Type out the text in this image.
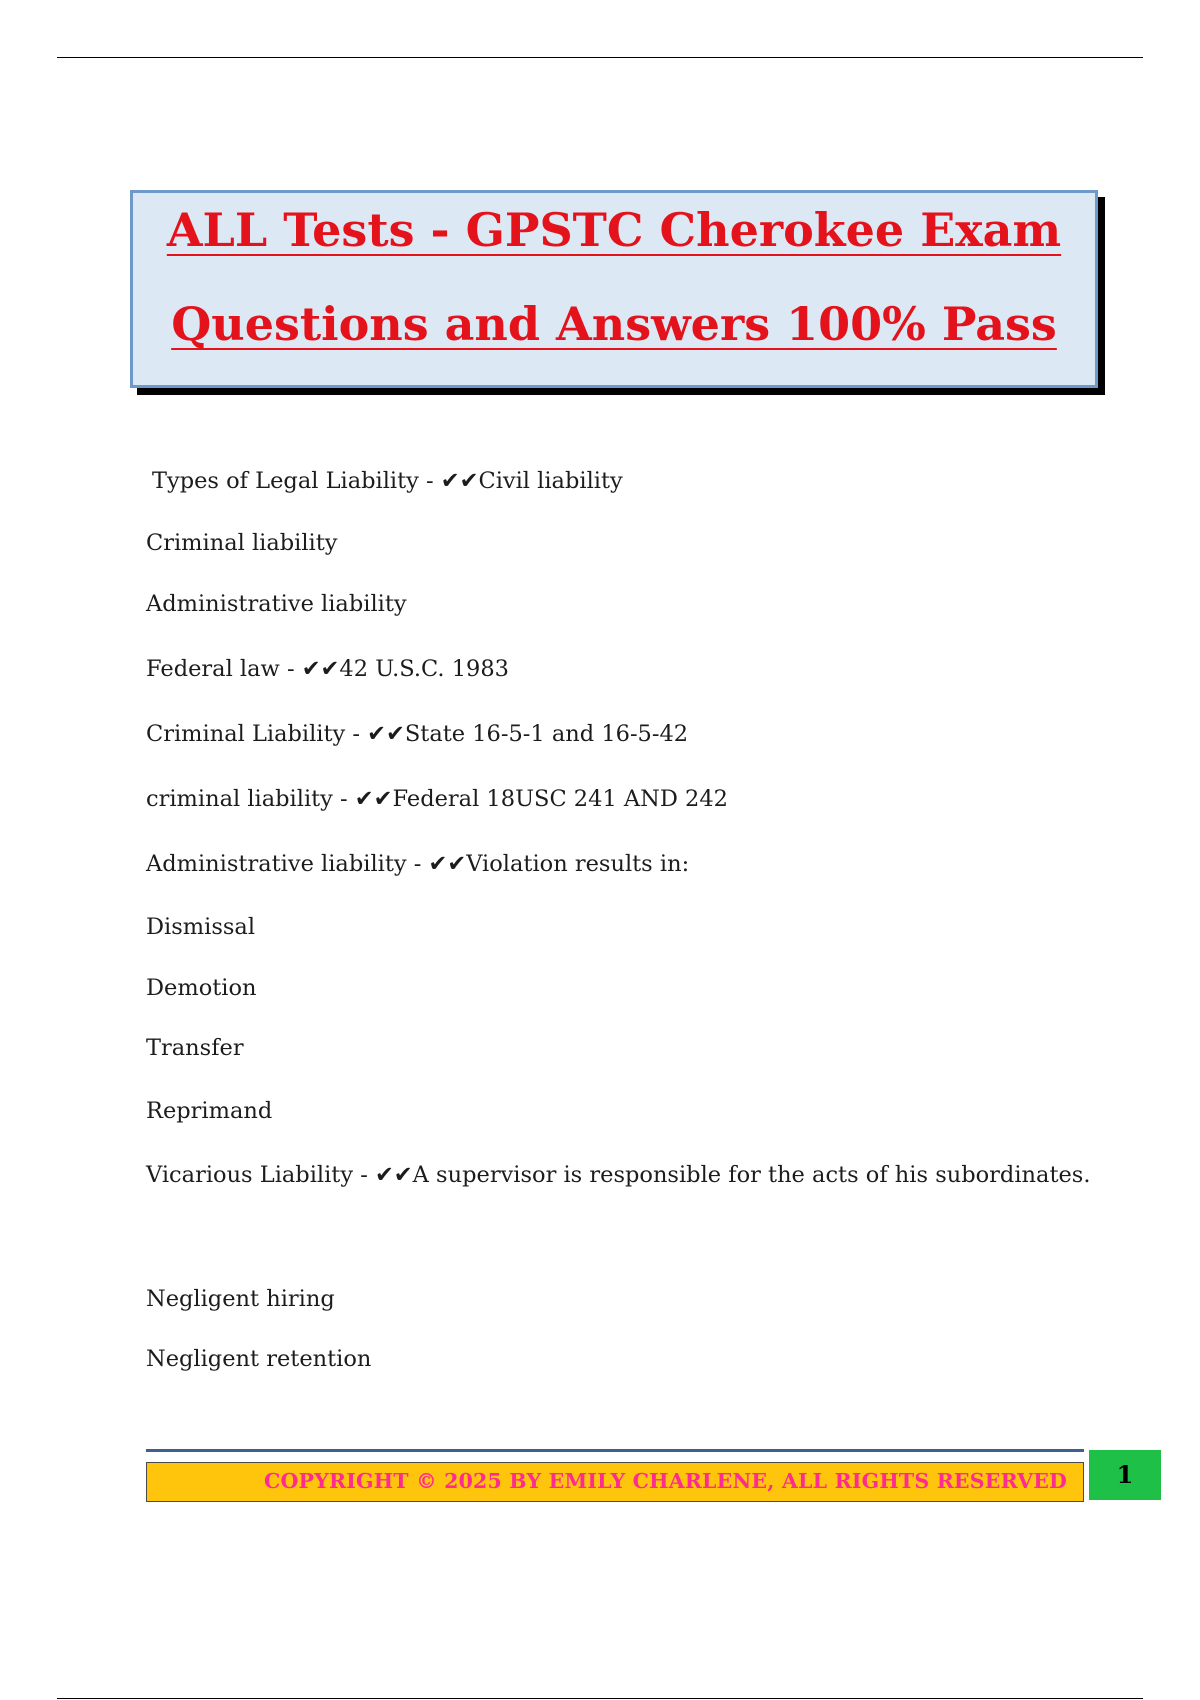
ALL Tests - GPSTC Cherokee Exam
Questions and Answers 100% Pass
Types of Legal Liability - ✔✔Civil liability
Criminal liability
Administrative liability
Federal law - ✔✔42 U.S.C. 1983
Criminal Liability - ✔✔State 16-5-1 and 16-5-42
criminal liability - ✔✔Federal 18USC 241 AND 242
Administrative liability - ✔✔Violation results in:
Dismissal
Demotion
Transfer
Reprimand
Vicarious Liability - ✔✔A supervisor is responsible for the acts of his subordinates.
Negligent hiring
Negligent retention
COPYRIGHT © 2025 BY EMILY CHARLENE, ALL RIGHTS RESERVED	1
